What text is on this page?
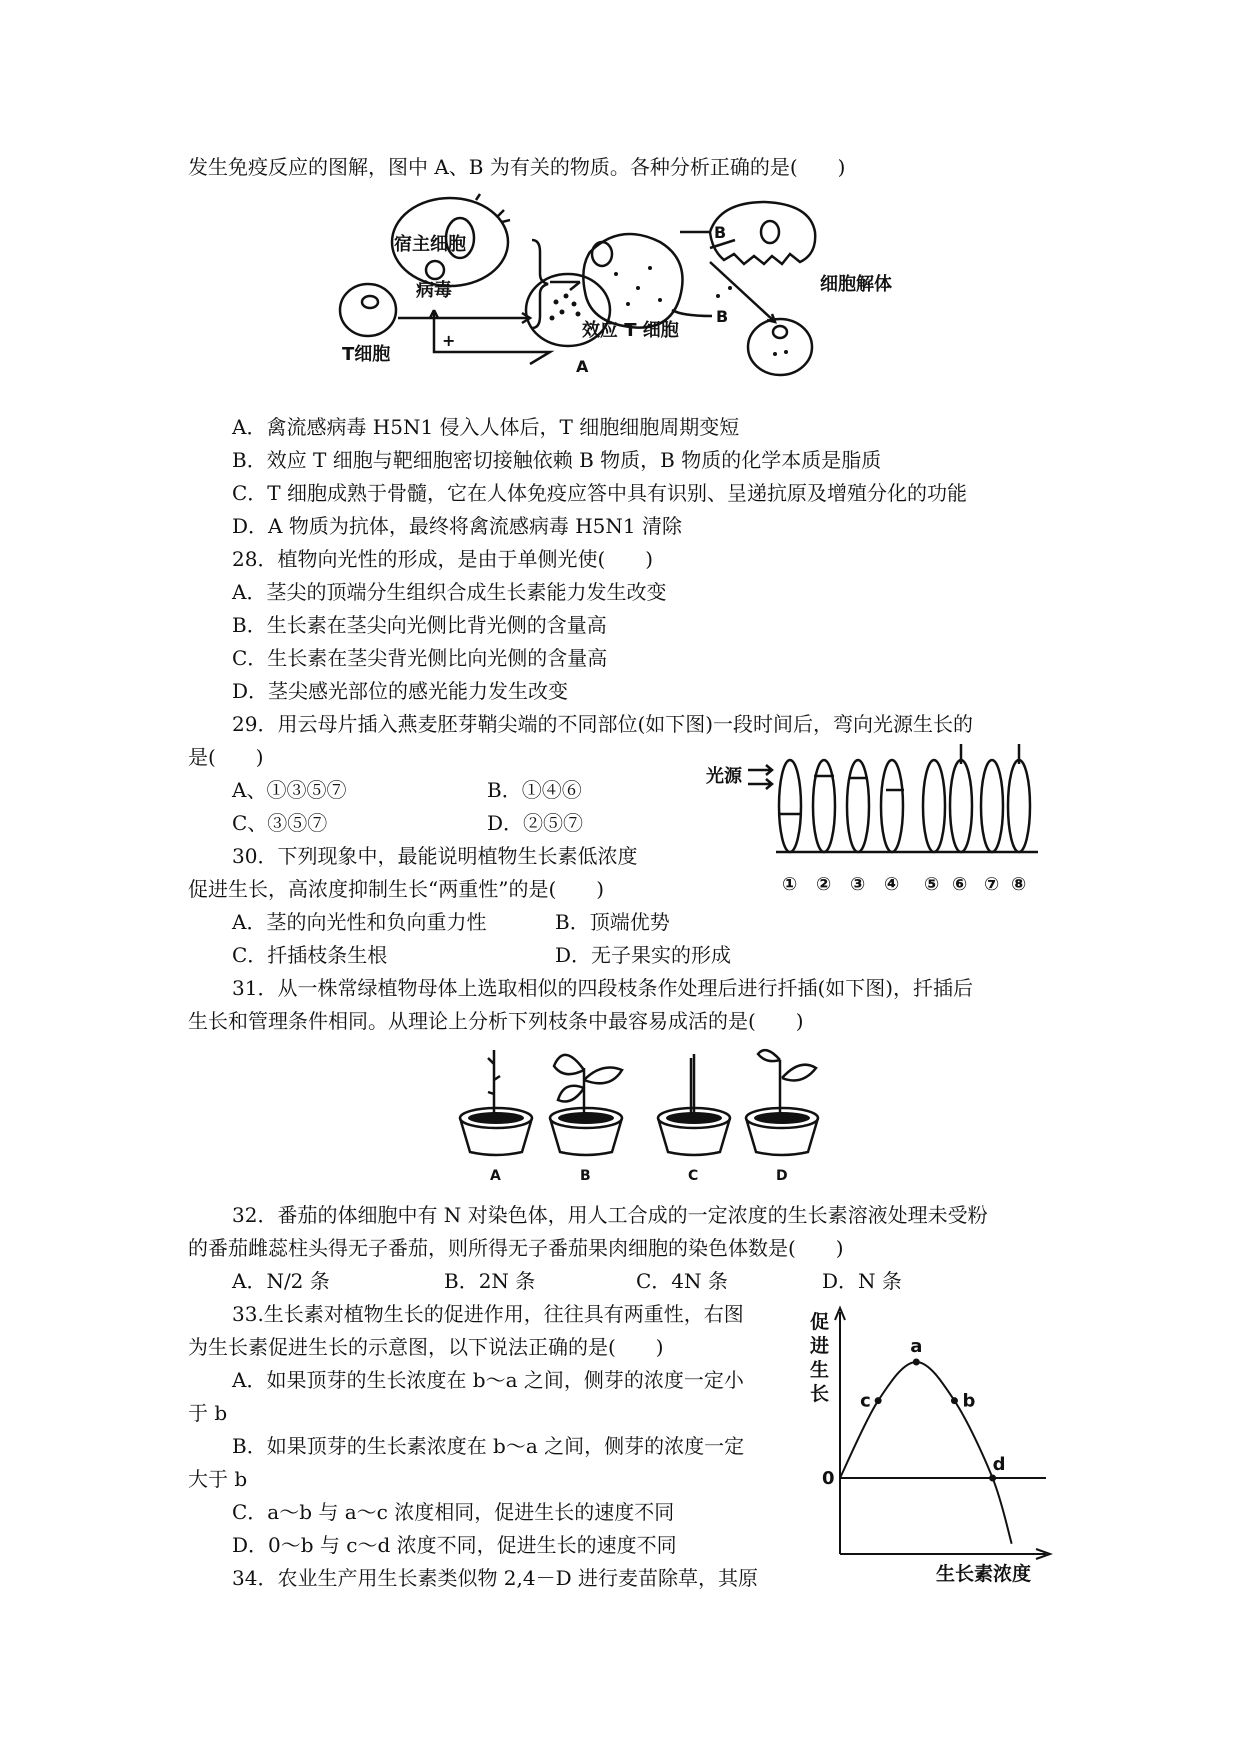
发生免疫反应的图解，图中 A、B 为有关的物质。各种分析正确的是(　　)
宿主细胞
病毒
T细胞
效应 T 细胞
细胞解体
B
B
A
+
A．禽流感病毒 H5N1 侵入人体后，T 细胞细胞周期变短
B．效应 T 细胞与靶细胞密切接触依赖 B 物质，B 物质的化学本质是脂质
C．T 细胞成熟于骨髓，它在人体免疫应答中具有识别、呈递抗原及增殖分化的功能
D．A 物质为抗体，最终将禽流感病毒 H5N1 清除
28．植物向光性的形成，是由于单侧光使(　　)
A．茎尖的顶端分生组织合成生长素能力发生改变
B．生长素在茎尖向光侧比背光侧的含量高
C．生长素在茎尖背光侧比向光侧的含量高
D．茎尖感光部位的感光能力发生改变
29．用云母片插入燕麦胚芽鞘尖端的不同部位(如下图)一段时间后，弯向光源生长的
是(　　)
A、①③⑤⑦	B．①④⑥
C、③⑤⑦	D．②⑤⑦
光源
① ② ③ ④ ⑤ ⑥ ⑦ ⑧
30．下列现象中，最能说明植物生长素低浓度
促进生长，高浓度抑制生长“两重性”的是(　　)
A．茎的向光性和负向重力性	B．顶端优势
C．扦插枝条生根	D．无子果实的形成
31．从一株常绿植物母体上选取相似的四段枝条作处理后进行扦插(如下图)，扦插后
生长和管理条件相同。从理论上分析下列枝条中最容易成活的是(　　)
A	B	C	D
32．番茄的体细胞中有 N 对染色体，用人工合成的一定浓度的生长素溶液处理未受粉
的番茄雌蕊柱头得无子番茄，则所得无子番茄果肉细胞的染色体数是(　　)
A．N/2 条	B．2N 条	C．4N 条	D．N 条
33.生长素对植物生长的促进作用，往往具有两重性，右图
为生长素促进生长的示意图，以下说法正确的是(　　)
A．如果顶芽的生长浓度在 b～a 之间，侧芽的浓度一定小
于 b
B．如果顶芽的生长素浓度在 b～a 之间，侧芽的浓度一定
大于 b
C．a～b 与 a～c 浓度相同，促进生长的速度不同
D．0～b 与 c～d 浓度不同，促进生长的速度不同
34．农业生产用生长素类似物 2,4－D 进行麦苗除草，其原
促
进
生
长
0
生长素浓度
c
a
b
d
